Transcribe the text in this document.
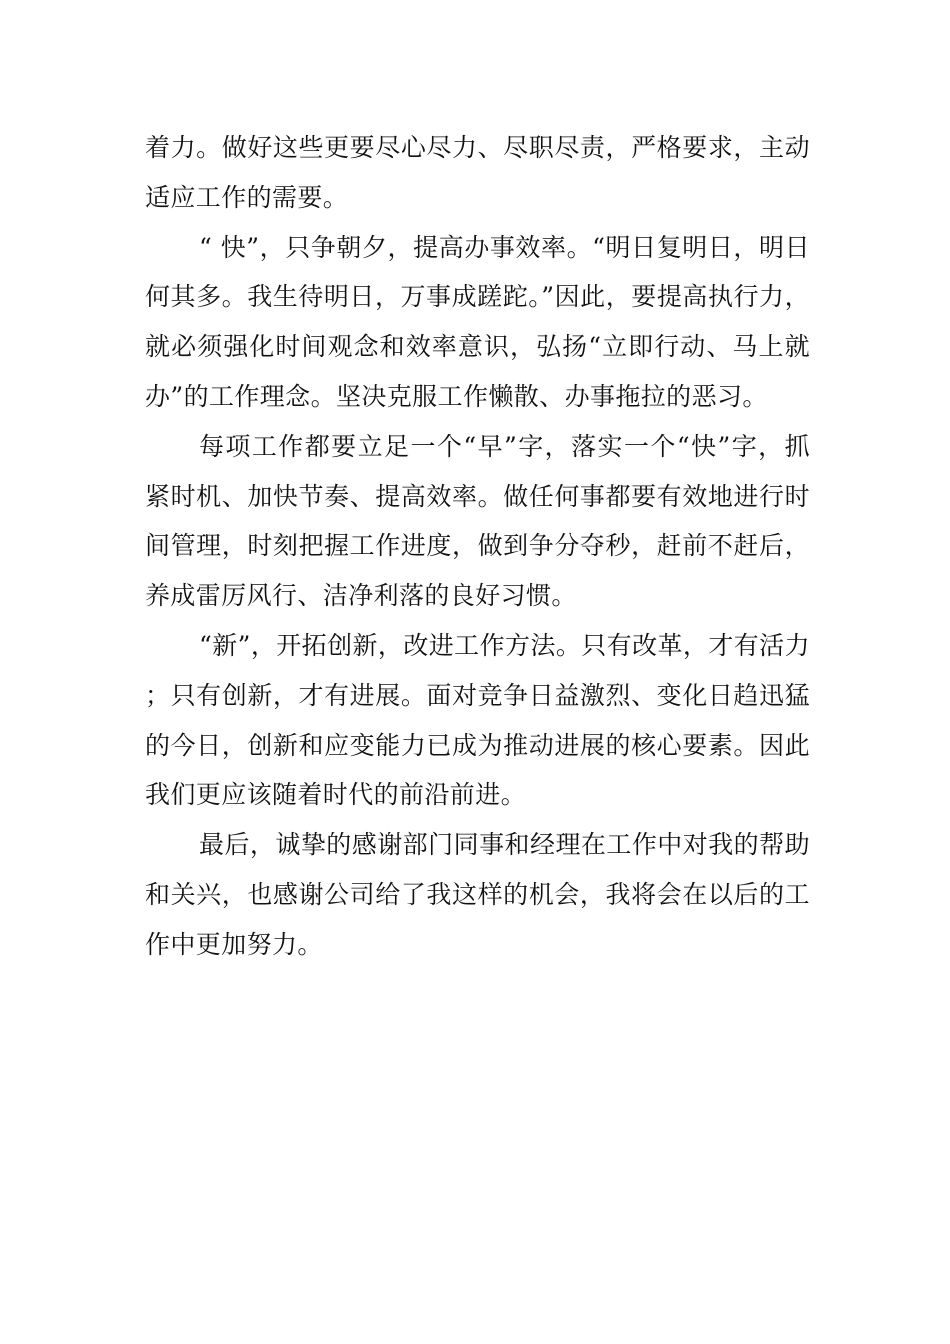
着力。做好这些更要尽心尽力、尽职尽责，严格要求，主动适应工作的需要。

“ 快”，只争朝夕，提高办事效率。“明日复明日，明日何其多。我生待明日，万事成蹉跎。”因此，要提高执行力，就必须强化时间观念和效率意识，弘扬“立即行动、马上就办”的工作理念。坚决克服工作懒散、办事拖拉的恶习。

每项工作都要立足一个“早”字，落实一个“快”字，抓紧时机、加快节奏、提高效率。做任何事都要有效地进行时间管理，时刻把握工作进度，做到争分夺秒，赶前不赶后，养成雷厉风行、洁净利落的良好习惯。

“新”，开拓创新，改进工作方法。只有改革，才有活力；只有创新，才有进展。面对竞争日益激烈、变化日趋迅猛的今日，创新和应变能力已成为推动进展的核心要素。因此我们更应该随着时代的前沿前进。

最后，诚挚的感谢部门同事和经理在工作中对我的帮助和关兴，也感谢公司给了我这样的机会，我将会在以后的工作中更加努力。
